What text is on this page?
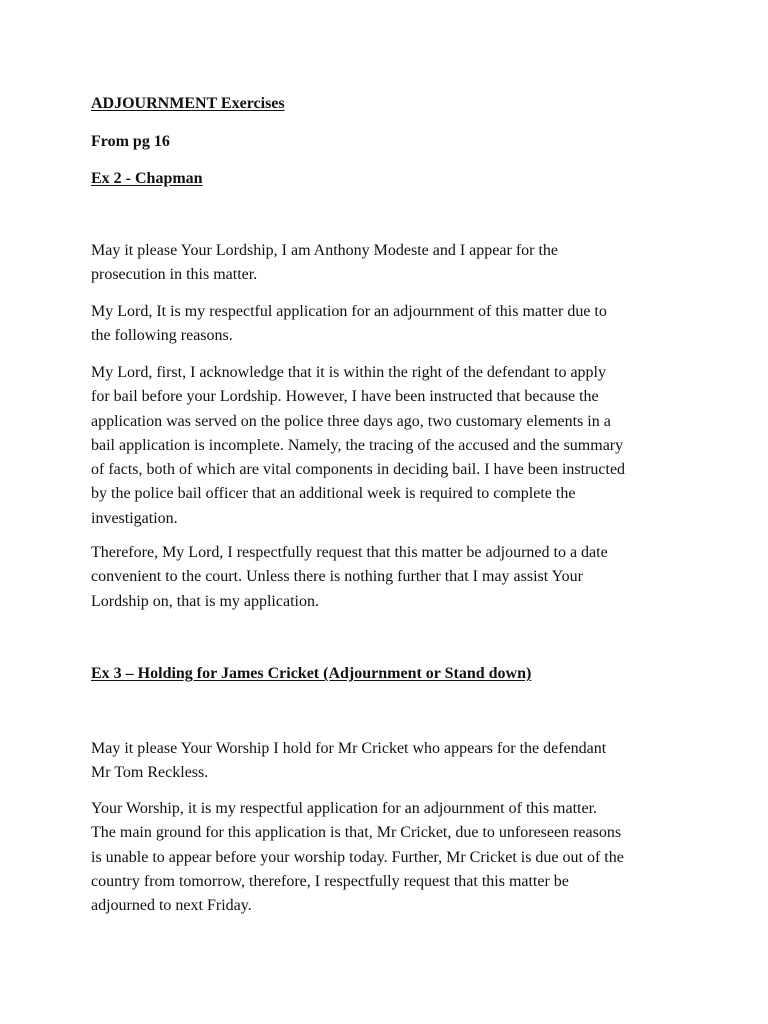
ADJOURNMENT Exercises
From pg 16
Ex 2 - Chapman

May it please Your Lordship, I am Anthony Modeste and I appear for the
prosecution in this matter.

My Lord, It is my respectful application for an adjournment of this matter due to
the following reasons.

My Lord, first, I acknowledge that it is within the right of the defendant to apply
for bail before your Lordship. However, I have been instructed that because the
application was served on the police three days ago, two customary elements in a
bail application is incomplete. Namely, the tracing of the accused and the summary
of facts, both of which are vital components in deciding bail. I have been instructed
by the police bail officer that an additional week is required to complete the
investigation.

Therefore, My Lord, I respectfully request that this matter be adjourned to a date
convenient to the court. Unless there is nothing further that I may assist Your
Lordship on, that is my application.

Ex 3 – Holding for James Cricket (Adjournment or Stand down)

May it please Your Worship I hold for Mr Cricket who appears for the defendant
Mr Tom Reckless.

Your Worship, it is my respectful application for an adjournment of this matter.
The main ground for this application is that, Mr Cricket, due to unforeseen reasons
is unable to appear before your worship today. Further, Mr Cricket is due out of the
country from tomorrow, therefore, I respectfully request that this matter be
adjourned to next Friday.
